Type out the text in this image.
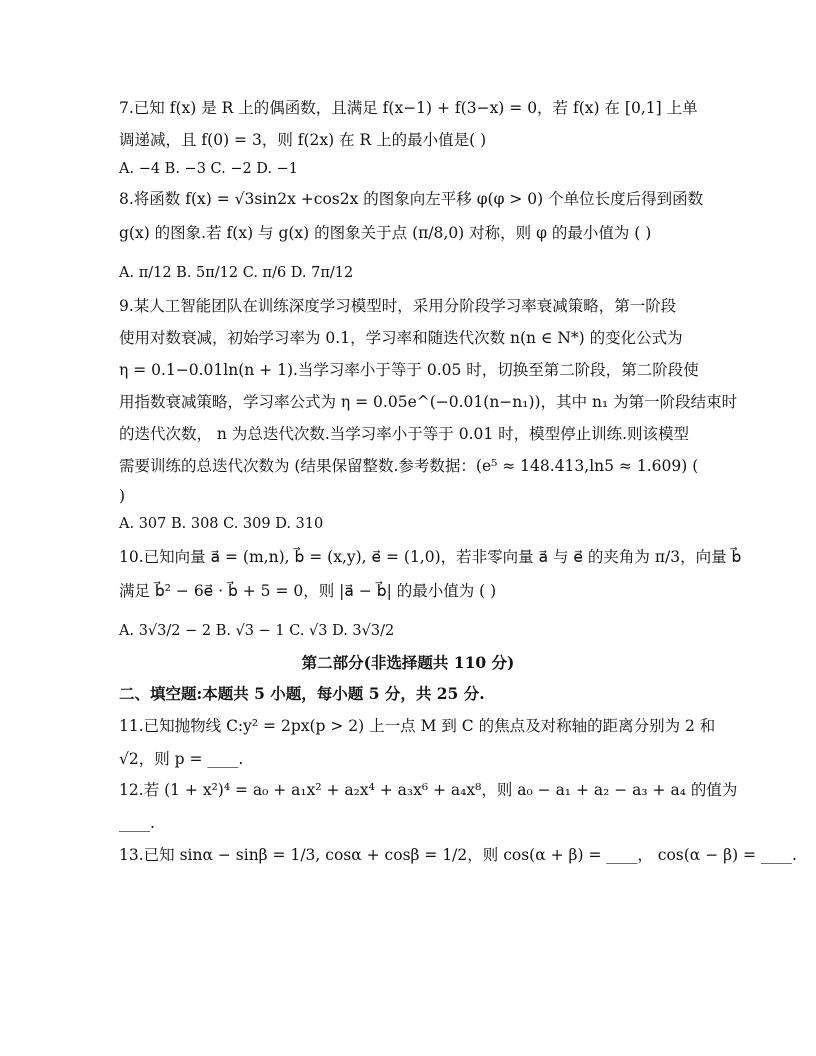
7.已知 f(x) 是 R 上的偶函数，且满足 f(x−1) + f(3−x) = 0，若 f(x) 在 [0,1] 上单
调递减，且 f(0) = 3，则 f(2x) 在 R 上的最小值是( )
A. −4 B. −3 C. −2 D. −1
8.将函数 f(x) = √3sin2x +cos2x 的图象向左平移 φ(φ > 0) 个单位长度后得到函数
g(x) 的图象.若 f(x) 与 g(x) 的图象关于点 (π/8,0) 对称，则 φ 的最小值为 ( )
A. π/12 B. 5π/12 C. π/6 D. 7π/12
9.某人工智能团队在训练深度学习模型时，采用分阶段学习率衰减策略，第一阶段
使用对数衰减，初始学习率为 0.1，学习率和随迭代次数 n(n ∈ N*) 的变化公式为
η = 0.1−0.01ln(n + 1).当学习率小于等于 0.05 时，切换至第二阶段，第二阶段使
用指数衰减策略，学习率公式为 η = 0.05e^(−0.01(n−n₁))，其中 n₁ 为第一阶段结束时
的迭代次数， n 为总迭代次数.当学习率小于等于 0.01 时，模型停止训练.则该模型
需要训练的总迭代次数为 (结果保留整数.参考数据：(e⁵ ≈ 148.413,ln5 ≈ 1.609) (
)
A. 307 B. 308 C. 309 D. 310
10.已知向量 a⃗ = (m,n), b⃗ = (x,y), e⃗ = (1,0)，若非零向量 a⃗ 与 e⃗ 的夹角为 π/3，向量 b⃗
满足 b⃗² − 6e⃗ · b⃗ + 5 = 0，则 |a⃗ − b⃗| 的最小值为 ( )
A. 3√3/2 − 2 B. √3 − 1 C. √3 D. 3√3/2
第二部分(非选择题共 110 分)
二、填空题:本题共 5 小题，每小题 5 分，共 25 分.
11.已知抛物线 C:y² = 2px(p > 2) 上一点 M 到 C 的焦点及对称轴的距离分别为 2 和
√2，则 p = ____.
12.若 (1 + x²)⁴ = a₀ + a₁x² + a₂x⁴ + a₃x⁶ + a₄x⁸，则 a₀ − a₁ + a₂ − a₃ + a₄ 的值为
____.
13.已知 sinα − sinβ = 1/3, cosα + cosβ = 1/2，则 cos(α + β) = ____， cos(α − β) = ____.
